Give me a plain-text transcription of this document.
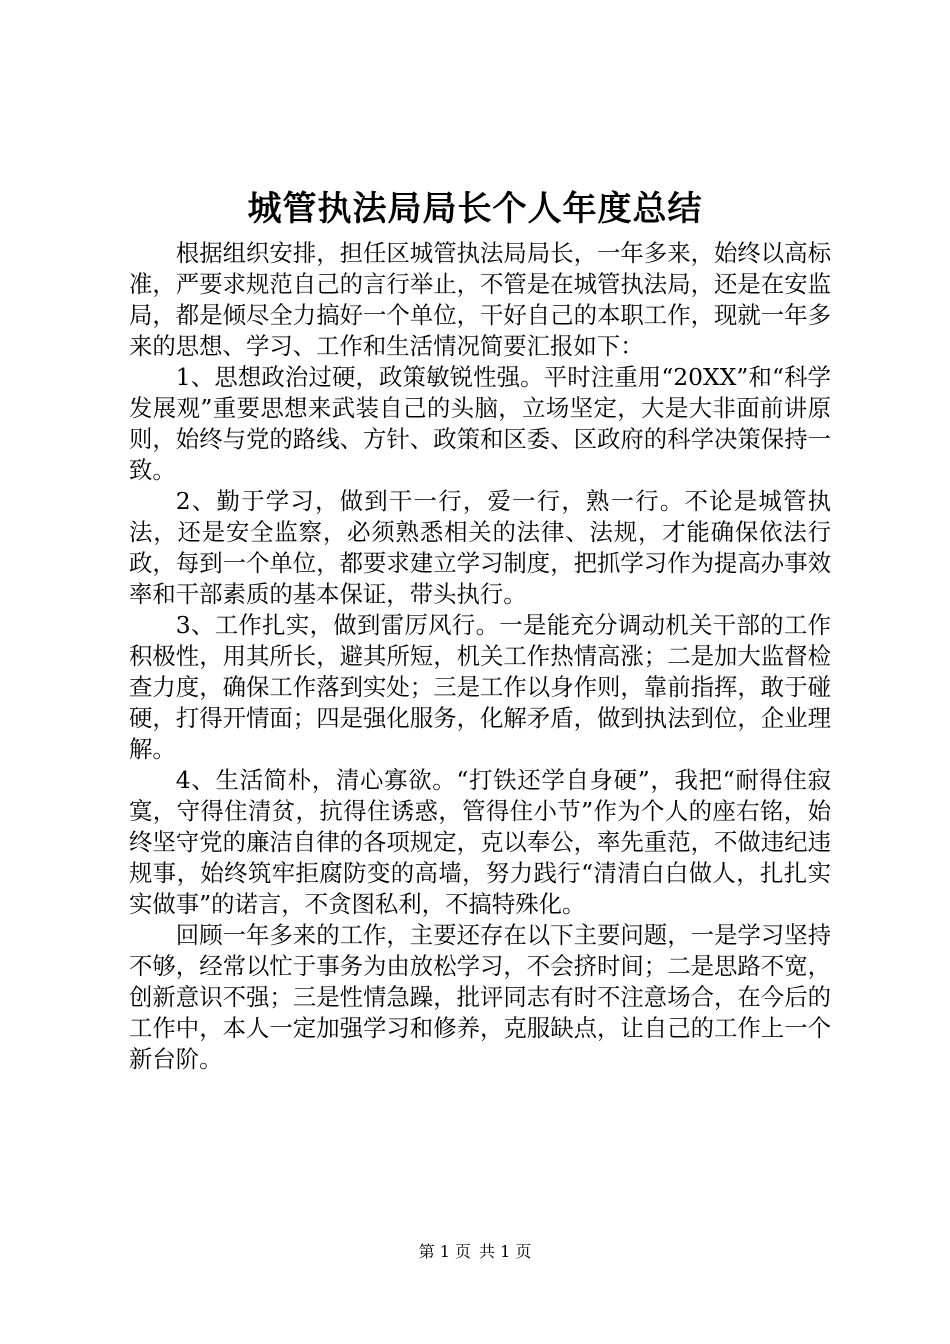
城管执法局局长个人年度总结

根据组织安排，担任区城管执法局局长，一年多来，始终以高标准，严要求规范自己的言行举止，不管是在城管执法局，还是在安监局，都是倾尽全力搞好一个单位，干好自己的本职工作，现就一年多来的思想、学习、工作和生活情况简要汇报如下：

1、思想政治过硬，政策敏锐性强。平时注重用“20XX”和“科学发展观”重要思想来武装自己的头脑，立场坚定，大是大非面前讲原则，始终与党的路线、方针、政策和区委、区政府的科学决策保持一致。

2、勤于学习，做到干一行，爱一行，熟一行。不论是城管执法，还是安全监察，必须熟悉相关的法律、法规，才能确保依法行政，每到一个单位，都要求建立学习制度，把抓学习作为提高办事效率和干部素质的基本保证，带头执行。

3、工作扎实，做到雷厉风行。一是能充分调动机关干部的工作积极性，用其所长，避其所短，机关工作热情高涨；二是加大监督检查力度，确保工作落到实处；三是工作以身作则，靠前指挥，敢于碰硬，打得开情面；四是强化服务，化解矛盾，做到执法到位，企业理解。

4、生活简朴，清心寡欲。“打铁还学自身硬”，我把“耐得住寂寞，守得住清贫，抗得住诱惑，管得住小节”作为个人的座右铭，始终坚守党的廉洁自律的各项规定，克以奉公，率先重范，不做违纪违规事，始终筑牢拒腐防变的高墙，努力践行“清清白白做人，扎扎实实做事”的诺言，不贪图私利，不搞特殊化。

回顾一年多来的工作，主要还存在以下主要问题，一是学习坚持不够，经常以忙于事务为由放松学习，不会挤时间；二是思路不宽，创新意识不强；三是性情急躁，批评同志有时不注意场合，在今后的工作中，本人一定加强学习和修养，克服缺点，让自己的工作上一个新台阶。

第 1 页 共 1 页
